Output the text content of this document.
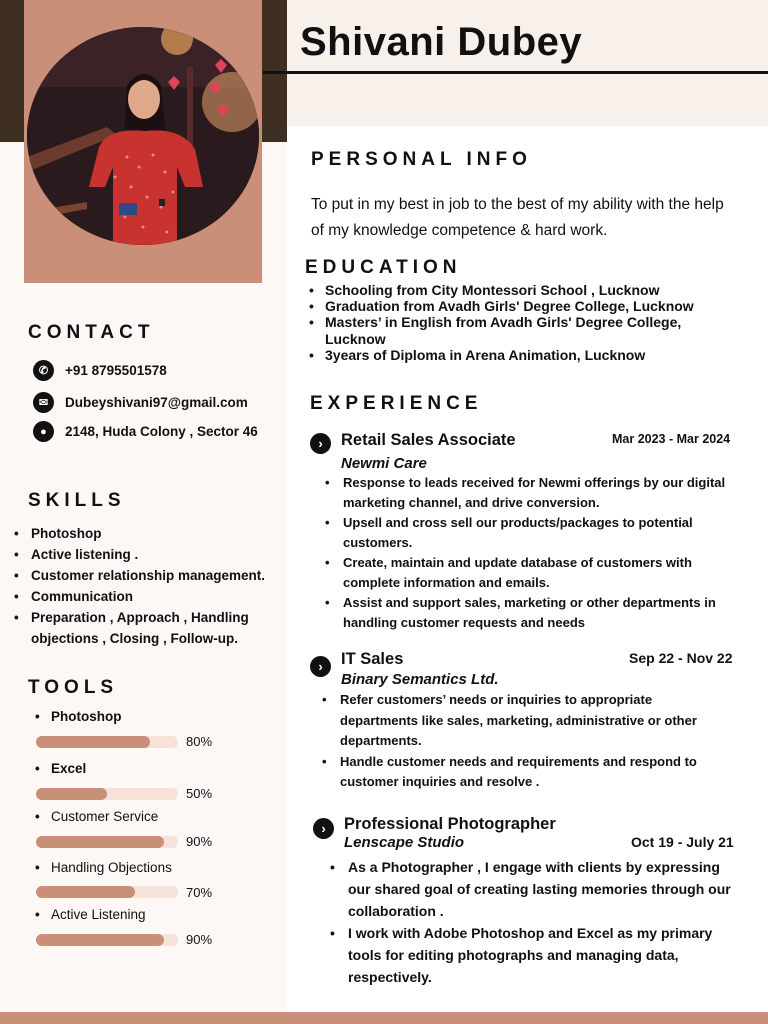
Shivani Dubey
CONTACT
✆	+91 8795501578
✉	Dubeyshivani97@gmail.com
●	2148, Huda Colony , Sector 46
SKILLS
• Photoshop
• Active listening .
• Customer relationship management.
• Communication
• Preparation , Approach , Handling objections , Closing , Follow-up.
TOOLS
• Photoshop
80%
• Excel
50%
• Customer Service
90%
• Handling Objections
70%
• Active Listening
90%
PERSONAL INFO

To put in my best in job to the best of my ability with the help of my knowledge competence & hard work.

EDUCATION
• Schooling from City Montessori School , Lucknow
• Graduation from Avadh Girls' Degree College, Lucknow
• Masters’ in English from Avadh Girls' Degree College, Lucknow
• 3years of Diploma in Arena Animation, Lucknow
EXPERIENCE
›	Retail Sales Associate	Mar 2023 - Mar 2024
Newmi Care
• Response to leads received for Newmi offerings by our digital marketing channel, and drive conversion.
• Upsell and cross sell our products/packages to potential customers.
• Create, maintain and update database of customers with complete information and emails.
• Assist and support sales, marketing or other departments in handling customer requests and needs
›	IT Sales	Sep 22 - Nov 22
Binary Semantics Ltd.
• Refer customers’ needs or inquiries to appropriate departments like sales, marketing, administrative or other departments.
• Handle customer needs and requirements and respond to customer inquiries and resolve .
›	Professional Photographer
Oct 19 - July 21
Lenscape Studio
• As a Photographer , I engage with clients by expressing our shared goal of creating lasting memories through our collaboration .
• I work with Adobe Photoshop and Excel as my primary tools for editing photographs and managing data, respectively.
